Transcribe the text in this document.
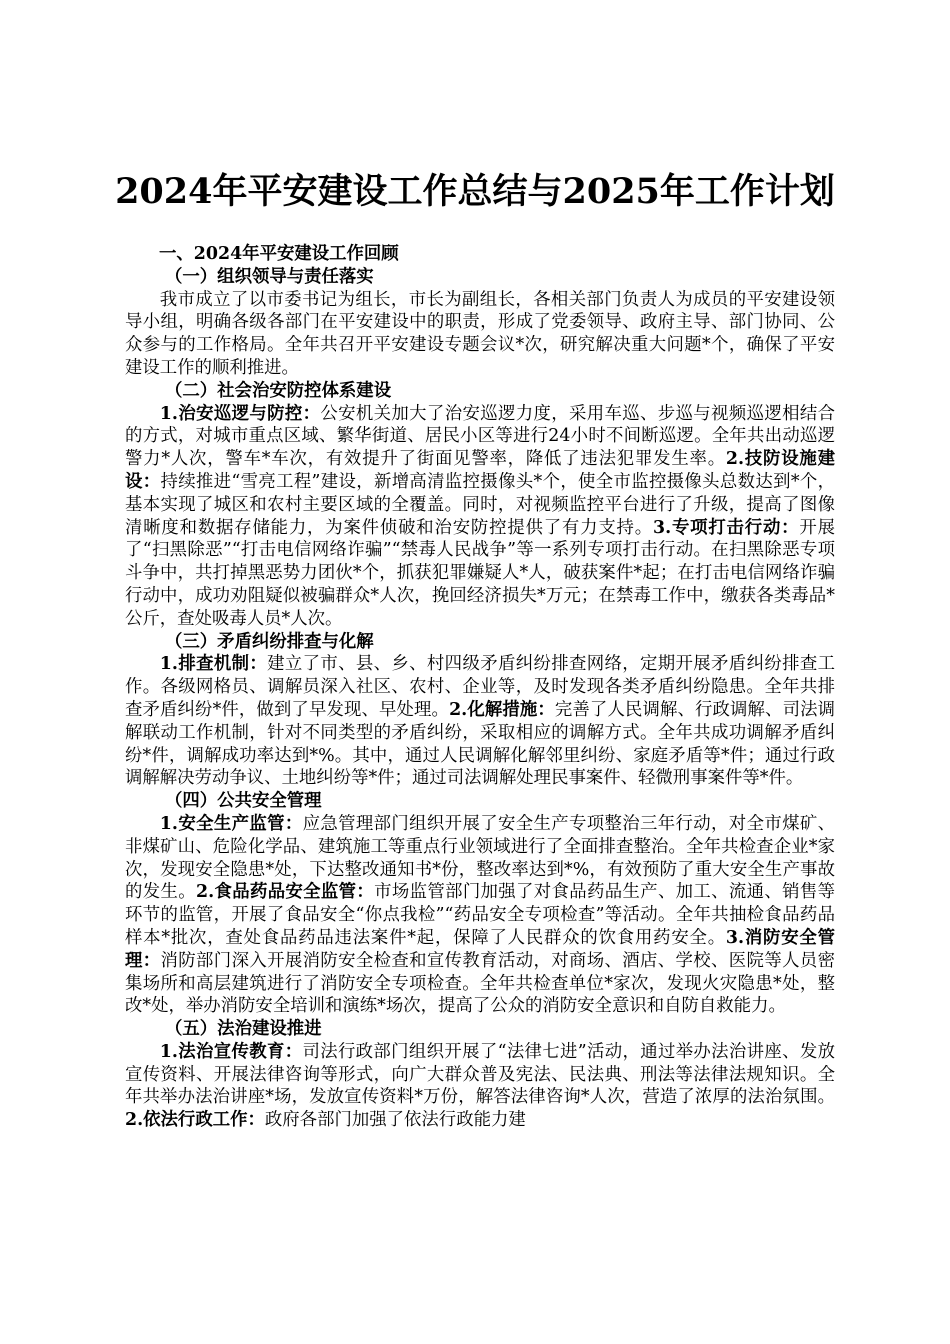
2024年平安建设工作总结与2025年工作计划

一、2024年平安建设工作回顾

（一）组织领导与责任落实

我市成立了以市委书记为组长，市长为副组长，各相关部门负责人为成员的平安建设领导小组，明确各级各部门在平安建设中的职责，形成了党委领导、政府主导、部门协同、公众参与的工作格局。全年共召开平安建设专题会议*次，研究解决重大问题*个，确保了平安建设工作的顺利推进。

（二）社会治安防控体系建设

1.治安巡逻与防控：公安机关加大了治安巡逻力度，采用车巡、步巡与视频巡逻相结合的方式，对城市重点区域、繁华街道、居民小区等进行24小时不间断巡逻。全年共出动巡逻警力*人次，警车*车次，有效提升了街面见警率，降低了违法犯罪发生率。2.技防设施建设：持续推进“雪亮工程”建设，新增高清监控摄像头*个，使全市监控摄像头总数达到*个，基本实现了城区和农村主要区域的全覆盖。同时，对视频监控平台进行了升级，提高了图像清晰度和数据存储能力，为案件侦破和治安防控提供了有力支持。3.专项打击行动：开展了“扫黑除恶”“打击电信网络诈骗”“禁毒人民战争”等一系列专项打击行动。在扫黑除恶专项斗争中，共打掉黑恶势力团伙*个，抓获犯罪嫌疑人*人，破获案件*起；在打击电信网络诈骗行动中，成功劝阻疑似被骗群众*人次，挽回经济损失*万元；在禁毒工作中，缴获各类毒品*公斤，查处吸毒人员*人次。

（三）矛盾纠纷排查与化解

1.排查机制：建立了市、县、乡、村四级矛盾纠纷排查网络，定期开展矛盾纠纷排查工作。各级网格员、调解员深入社区、农村、企业等，及时发现各类矛盾纠纷隐患。全年共排查矛盾纠纷*件，做到了早发现、早处理。2.化解措施：完善了人民调解、行政调解、司法调解联动工作机制，针对不同类型的矛盾纠纷，采取相应的调解方式。全年共成功调解矛盾纠纷*件，调解成功率达到*%。其中，通过人民调解化解邻里纠纷、家庭矛盾等*件；通过行政调解解决劳动争议、土地纠纷等*件；通过司法调解处理民事案件、轻微刑事案件等*件。

（四）公共安全管理

1.安全生产监管：应急管理部门组织开展了安全生产专项整治三年行动，对全市煤矿、非煤矿山、危险化学品、建筑施工等重点行业领域进行了全面排查整治。全年共检查企业*家次，发现安全隐患*处，下达整改通知书*份，整改率达到*%，有效预防了重大安全生产事故的发生。2.食品药品安全监管：市场监管部门加强了对食品药品生产、加工、流通、销售等环节的监管，开展了食品安全“你点我检”“药品安全专项检查”等活动。全年共抽检食品药品样本*批次，查处食品药品违法案件*起，保障了人民群众的饮食用药安全。3.消防安全管理：消防部门深入开展消防安全检查和宣传教育活动，对商场、酒店、学校、医院等人员密集场所和高层建筑进行了消防安全专项检查。全年共检查单位*家次，发现火灾隐患*处，整改*处，举办消防安全培训和演练*场次，提高了公众的消防安全意识和自防自救能力。

（五）法治建设推进

1.法治宣传教育：司法行政部门组织开展了“法律七进”活动，通过举办法治讲座、发放宣传资料、开展法律咨询等形式，向广大群众普及宪法、民法典、刑法等法律法规知识。全年共举办法治讲座*场，发放宣传资料*万份，解答法律咨询*人次，营造了浓厚的法治氛围。2.依法行政工作：政府各部门加强了依法行政能力建
